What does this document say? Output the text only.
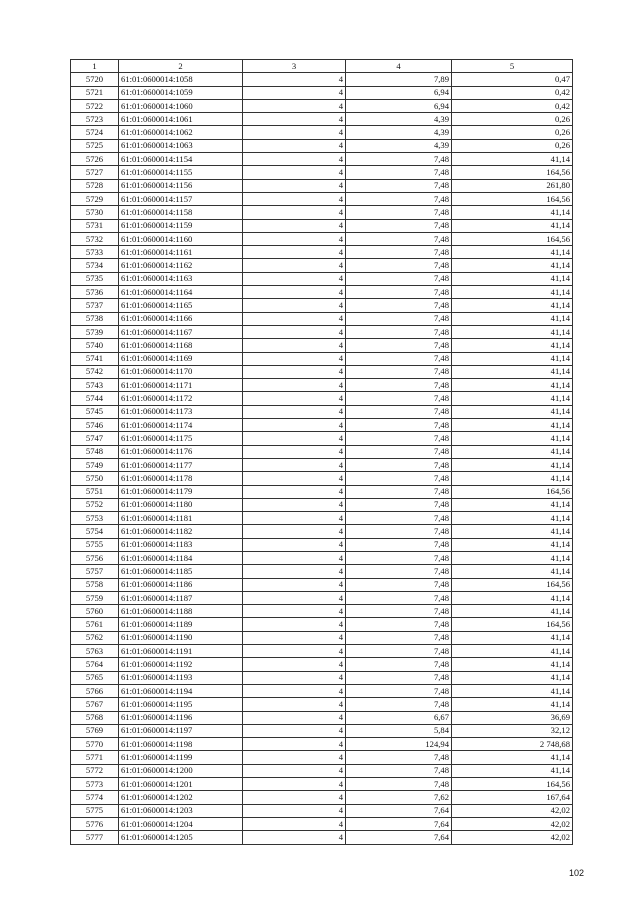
1	2	3	4	5
5720	61:01:0600014:1058	4	7,89	0,47
5721	61:01:0600014:1059	4	6,94	0,42
5722	61:01:0600014:1060	4	6,94	0,42
5723	61:01:0600014:1061	4	4,39	0,26
5724	61:01:0600014:1062	4	4,39	0,26
5725	61:01:0600014:1063	4	4,39	0,26
5726	61:01:0600014:1154	4	7,48	41,14
5727	61:01:0600014:1155	4	7,48	164,56
5728	61:01:0600014:1156	4	7,48	261,80
5729	61:01:0600014:1157	4	7,48	164,56
5730	61:01:0600014:1158	4	7,48	41,14
5731	61:01:0600014:1159	4	7,48	41,14
5732	61:01:0600014:1160	4	7,48	164,56
5733	61:01:0600014:1161	4	7,48	41,14
5734	61:01:0600014:1162	4	7,48	41,14
5735	61:01:0600014:1163	4	7,48	41,14
5736	61:01:0600014:1164	4	7,48	41,14
5737	61:01:0600014:1165	4	7,48	41,14
5738	61:01:0600014:1166	4	7,48	41,14
5739	61:01:0600014:1167	4	7,48	41,14
5740	61:01:0600014:1168	4	7,48	41,14
5741	61:01:0600014:1169	4	7,48	41,14
5742	61:01:0600014:1170	4	7,48	41,14
5743	61:01:0600014:1171	4	7,48	41,14
5744	61:01:0600014:1172	4	7,48	41,14
5745	61:01:0600014:1173	4	7,48	41,14
5746	61:01:0600014:1174	4	7,48	41,14
5747	61:01:0600014:1175	4	7,48	41,14
5748	61:01:0600014:1176	4	7,48	41,14
5749	61:01:0600014:1177	4	7,48	41,14
5750	61:01:0600014:1178	4	7,48	41,14
5751	61:01:0600014:1179	4	7,48	164,56
5752	61:01:0600014:1180	4	7,48	41,14
5753	61:01:0600014:1181	4	7,48	41,14
5754	61:01:0600014:1182	4	7,48	41,14
5755	61:01:0600014:1183	4	7,48	41,14
5756	61:01:0600014:1184	4	7,48	41,14
5757	61:01:0600014:1185	4	7,48	41,14
5758	61:01:0600014:1186	4	7,48	164,56
5759	61:01:0600014:1187	4	7,48	41,14
5760	61:01:0600014:1188	4	7,48	41,14
5761	61:01:0600014:1189	4	7,48	164,56
5762	61:01:0600014:1190	4	7,48	41,14
5763	61:01:0600014:1191	4	7,48	41,14
5764	61:01:0600014:1192	4	7,48	41,14
5765	61:01:0600014:1193	4	7,48	41,14
5766	61:01:0600014:1194	4	7,48	41,14
5767	61:01:0600014:1195	4	7,48	41,14
5768	61:01:0600014:1196	4	6,67	36,69
5769	61:01:0600014:1197	4	5,84	32,12
5770	61:01:0600014:1198	4	124,94	2 748,68
5771	61:01:0600014:1199	4	7,48	41,14
5772	61:01:0600014:1200	4	7,48	41,14
5773	61:01:0600014:1201	4	7,48	164,56
5774	61:01:0600014:1202	4	7,62	167,64
5775	61:01:0600014:1203	4	7,64	42,02
5776	61:01:0600014:1204	4	7,64	42,02
5777	61:01:0600014:1205	4	7,64	42,02
102
